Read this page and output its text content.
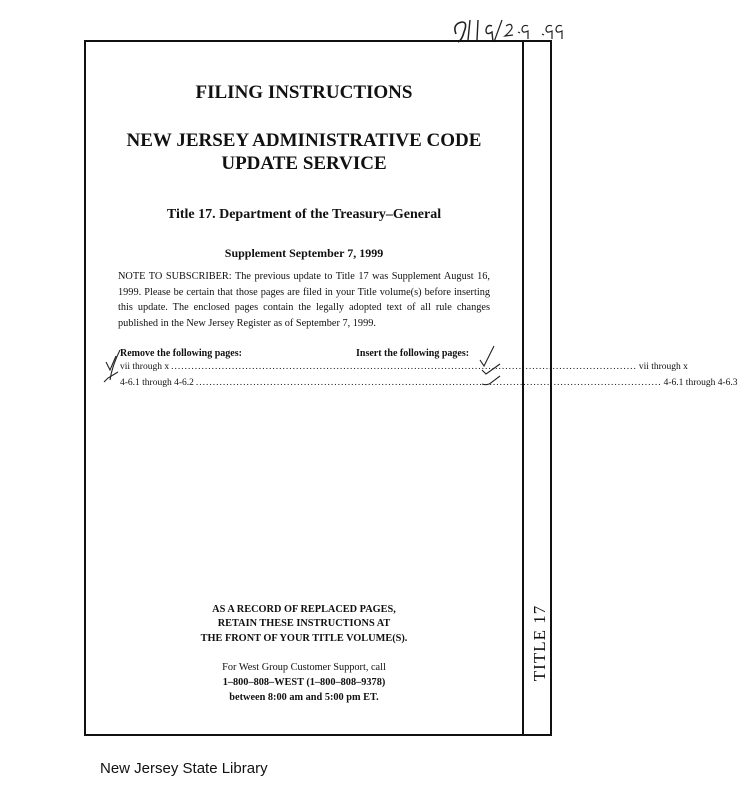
TITLE 17
FILING INSTRUCTIONS
NEW JERSEY ADMINISTRATIVE CODE
UPDATE SERVICE
Title 17. Department of the Treasury–General
Supplement September 7, 1999
NOTE TO SUBSCRIBER: The previous update to Title 17 was Supplement August 16, 1999. Please be certain that those pages are filed in your Title volume(s) before inserting this update. The enclosed pages contain the legally adopted text of all rule changes published in the New Jersey Register as of September 7, 1999.
Remove the following pages:	Insert the following pages:
vii through x .......................................................................................................................................... vii through x
4-6.1 through 4-6.2 .......................................................................................................................................... 4-6.1 through 4-6.3
AS A RECORD OF REPLACED PAGES,
RETAIN THESE INSTRUCTIONS AT
THE FRONT OF YOUR TITLE VOLUME(S).
For West Group Customer Support, call
1–800–808–WEST (1–800–808–9378)
between 8:00 am and 5:00 pm ET.
New Jersey State Library
